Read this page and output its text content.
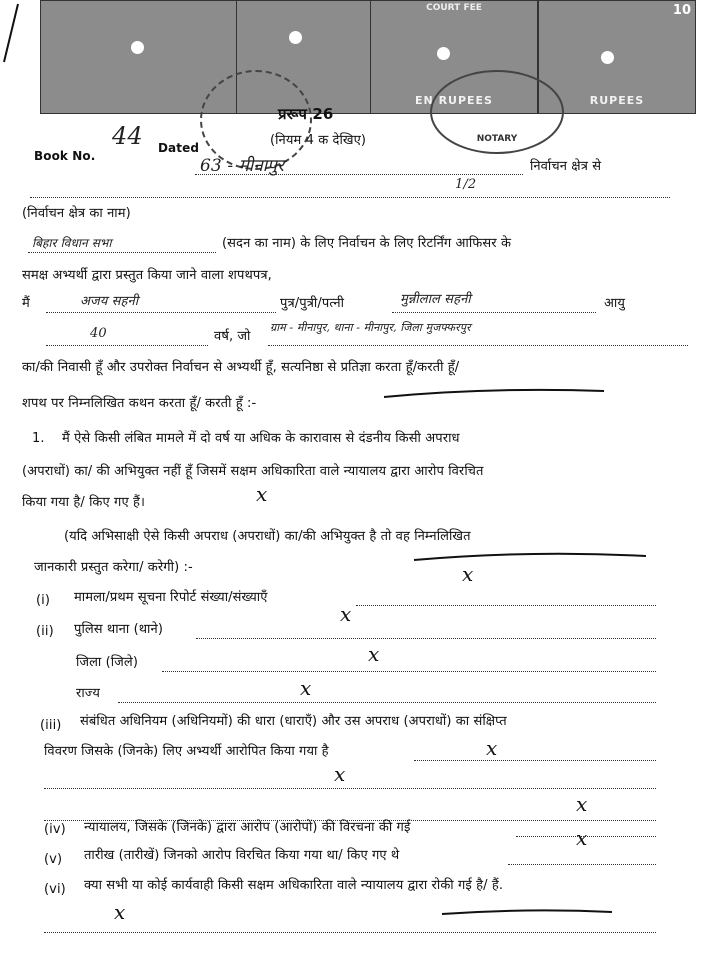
COURT FEE
EN RUPEES	RUPEES
10
NOTARY
प्ररूप 26
(नियम 4 क देखिए)
Book No.
44 Dated
63 - मीनापुर	निर्वाचन क्षेत्र से
1/2
(निर्वाचन क्षेत्र का नाम)
बिहार विधान सभा	(सदन का नाम) के लिए निर्वाचन के लिए रिटर्निंग आफिसर के
समक्ष अभ्यर्थी द्वारा प्रस्तुत किया जाने वाला शपथपत्र,
मैं	अजय सहनी	पुत्र/पुत्री/पत्नी	मुन्नीलाल सहनी	आयु
40	वर्ष, जो
ग्राम - मीनापुर, थाना - मीनापुर, जिला मुजफ्फरपुर
का/की निवासी हूँ और उपरोक्त निर्वाचन से अभ्यर्थी हूँ, सत्यनिष्ठा से प्रतिज्ञा करता हूँ/करती हूँ/
शपथ पर निम्नलिखित कथन करता हूँ/ करती हूँ :-
1. मैं ऐसे किसी लंबित मामले में दो वर्ष या अधिक के कारावास से दंडनीय किसी अपराध
(अपराधों) का/ की अभियुक्त नहीं हूँ जिसमें सक्षम अधिकारिता वाले न्यायालय द्वारा आरोप विरचित
किया गया है/ किए गए हैं।	x
(यदि अभिसाक्षी ऐसे किसी अपराध (अपराधों) का/की अभियुक्त है तो वह निम्नलिखित
जानकारी प्रस्तुत करेगा/ करेगी) :-
(i) मामला/प्रथम सूचना रिपोर्ट संख्या/संख्याएँ
x
(ii) पुलिस थाना (थाने)
x
जिला (जिले)	x
राज्य	x
(iii) संबंधित अधिनियम (अधिनियमों) की धारा (धाराएँ) और उस अपराध (अपराधों) का संक्षिप्त
विवरण जिसके (जिनके) लिए अभ्यर्थी आरोपित किया गया है	x
x
(iv) न्यायालय, जिसके (जिनके) द्वारा आरोप (आरोपों) की विरचना की गई
x
(v) तारीख (तारीखें) जिनको आरोप विरचित किया गया था/ किए गए थे
x
(vi) क्या सभी या कोई कार्यवाही किसी सक्षम अधिकारिता वाले न्यायालय द्वारा रोकी गई है/ हैं.
x
